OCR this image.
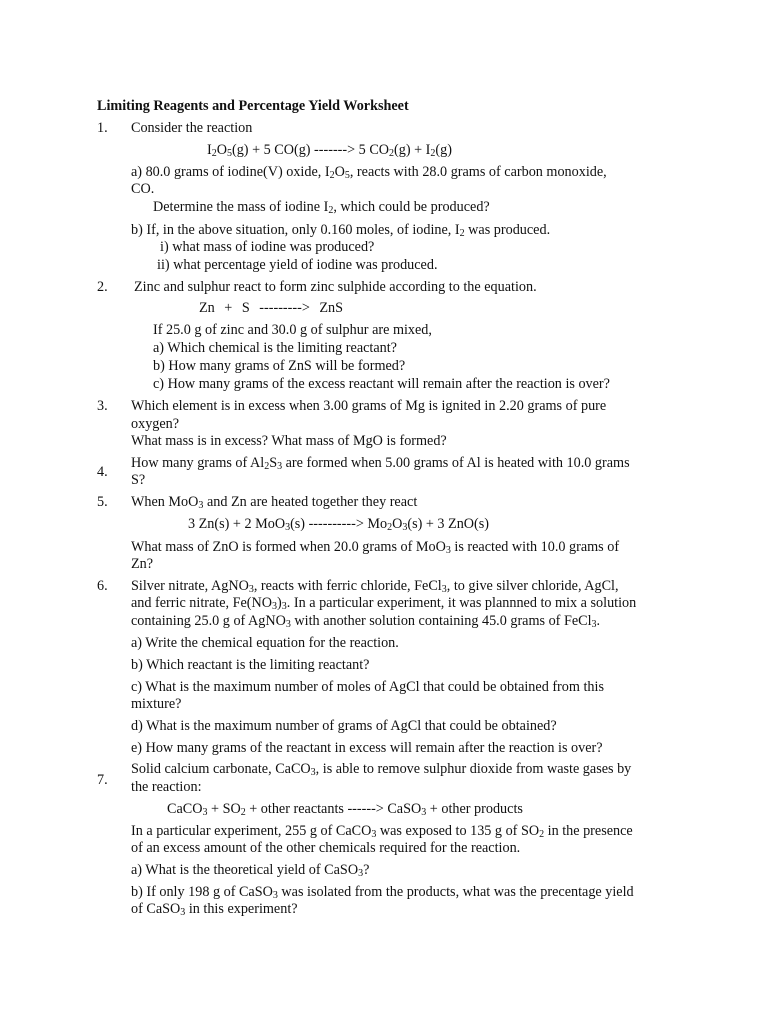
Limiting Reagents and Percentage Yield Worksheet
1. Consider the reaction
$I_2O_5(g) + 5$ CO(g) -------> 5 $CO_2(g) + I_2(g)$
a) 80.0 grams of iodine(V) oxide, $I_2O_5$, reacts with 28.0 grams of carbon monoxide,
CO.
Determine the mass of iodine $I_2$, which could be produced?
b) If, in the above situation, only 0.160 moles, of iodine, $I_2$ was produced.
i) what mass of iodine was produced?
ii) what percentage yield of iodine was produced.
2. Zinc and sulphur react to form zinc sulphide according to the equation.
Zn + S ---------> ZnS
If 25.0 g of zinc and 30.0 g of sulphur are mixed,
a) Which chemical is the limiting reactant?
b) How many grams of ZnS will be formed?
c) How many grams of the excess reactant will remain after the reaction is over?
3. Which element is in excess when 3.00 grams of Mg is ignited in 2.20 grams of pure
oxygen?
What mass is in excess? What mass of MgO is formed?
4.
How many grams of $Al_2S_3$ are formed when 5.00 grams of Al is heated with 10.0 grams
S?
5. When MoO$_3$ and Zn are heated together they react
3 Zn(s) + 2 MoO$_3$(s) ----------> $Mo_2O_3(s) + 3$ ZnO(s)
What mass of ZnO is formed when 20.0 grams of MoO$_3$ is reacted with 10.0 grams of
Zn?
6. Silver nitrate, AgNO$_3$, reacts with ferric chloride, FeCl$_3$, to give silver chloride, AgCl,
and ferric nitrate, $Fe(NO_3)_3$. In a particular experiment, it was plannned to mix a solution
containing 25.0 g of AgNO$_3$ with another solution containing 45.0 grams of FeCl$_3$.
a) Write the chemical equation for the reaction.
b) Which reactant is the limiting reactant?
c) What is the maximum number of moles of AgCl that could be obtained from this
mixture?
d) What is the maximum number of grams of AgCl that could be obtained?
e) How many grams of the reactant in excess will remain after the reaction is over?
7.
Solid calcium carbonate, CaCO$_3$, is able to remove sulphur dioxide from waste gases by
the reaction:
CaCO$_3$ + $SO_2$ + other reactants ------> CaSO$_3$ + other products
In a particular experiment, 255 g of CaCO$_3$ was exposed to 135 g of $SO_2$ in the presence
of an excess amount of the other chemicals required for the reaction.
a) What is the theoretical yield of CaSO$_3$?
b) If only 198 g of CaSO$_3$ was isolated from the products, what was the precentage yield
of CaSO$_3$ in this experiment?
